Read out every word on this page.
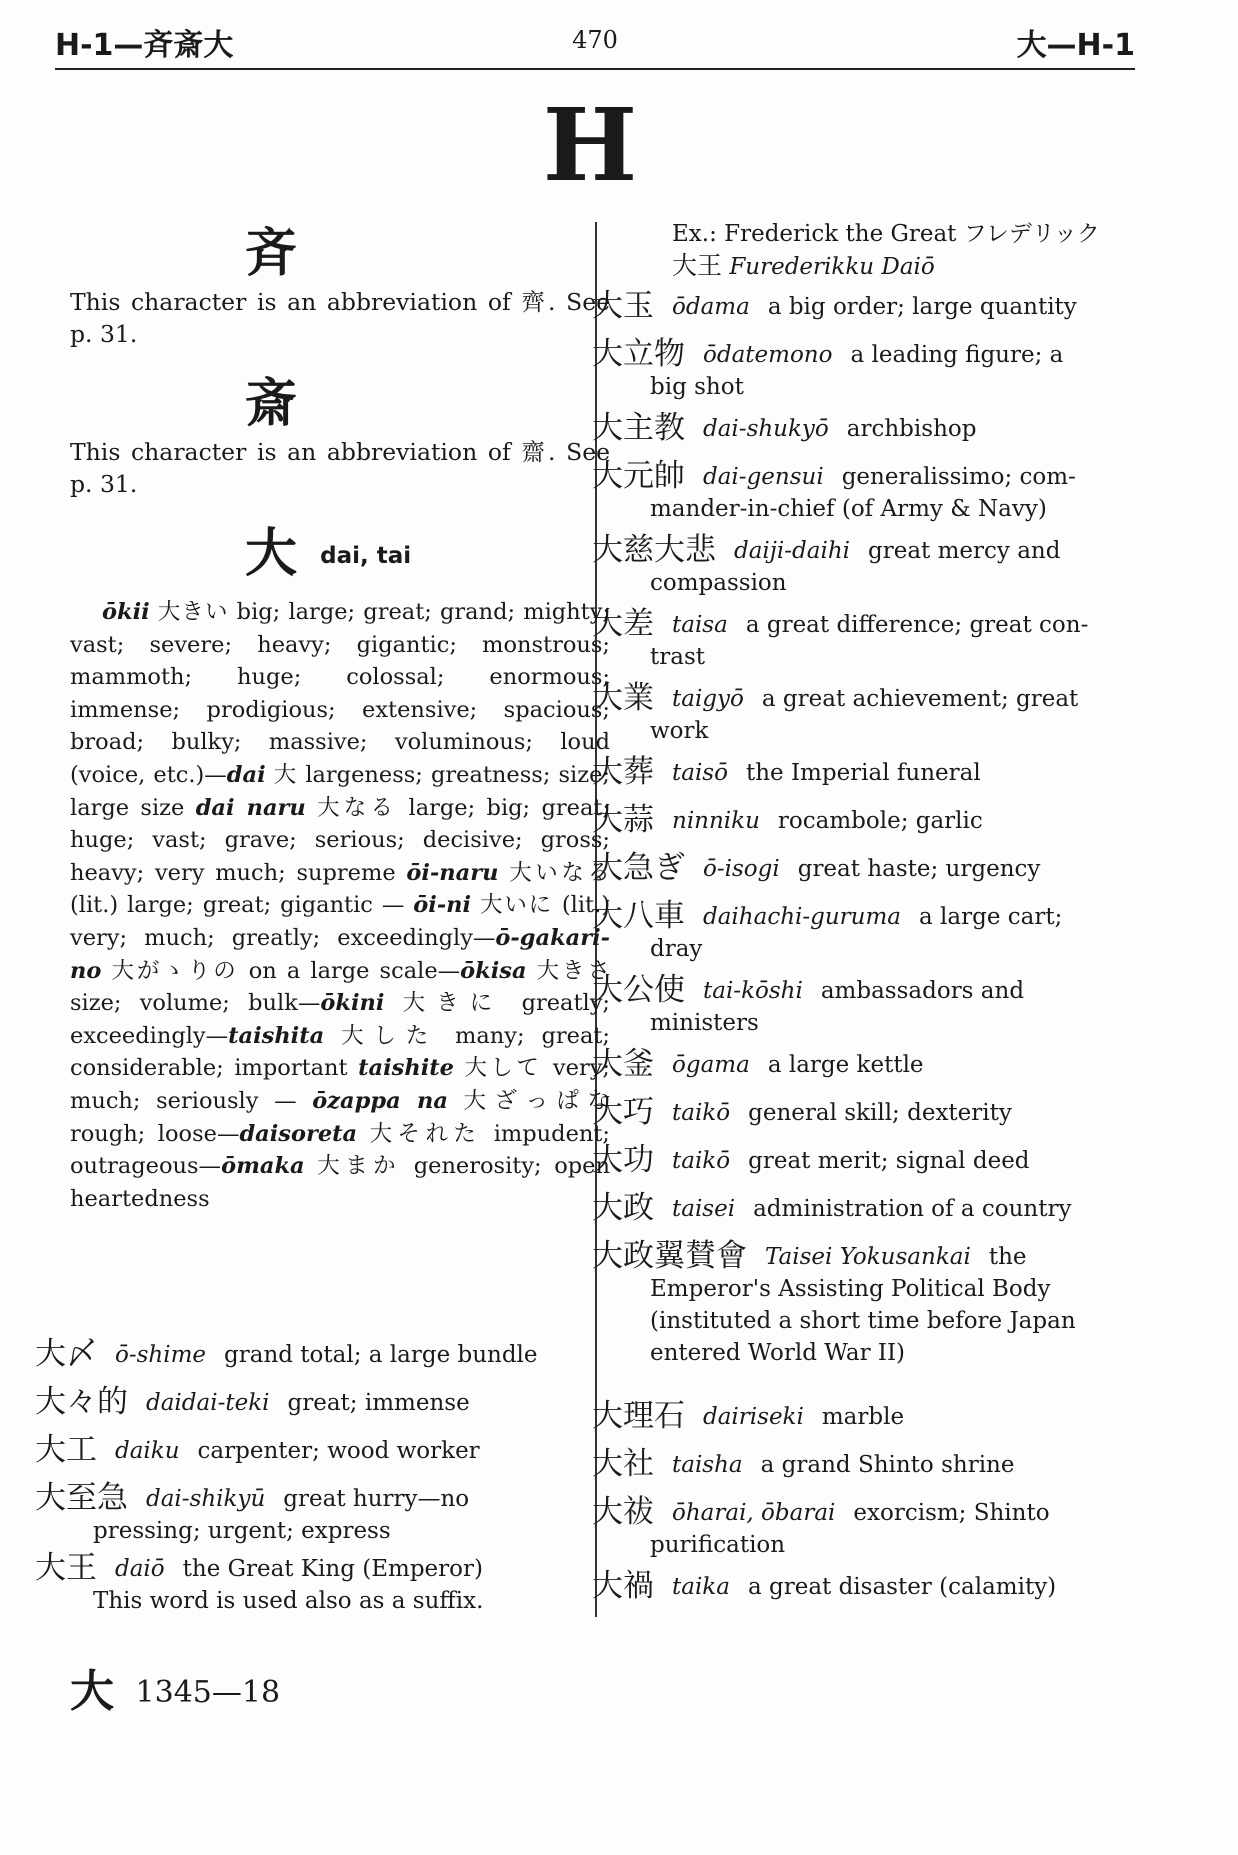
H-1—斉斎大	470	大—H-1
H
斉
This character is an abbreviation of 齊. See p. 31.
斎
This character is an abbreviation of 齋. See p. 31.
大 dai, tai
ōkii 大きい big; large; great; grand; mighty; vast; severe; heavy; gigantic; monstrous; mammoth; huge; colossal; enormous; immense; prodigious; extensive; spacious; broad; bulky; massive; voluminous; loud (voice, etc.)—dai 大 largeness; greatness; size; large size dai naru 大なる large; big; great; huge; vast; grave; serious; decisive; gross; heavy; very much; supreme ōi-naru 大いなる (lit.) large; great; gigantic — ōi-ni 大いに (lit.) very; much; greatly; exceedingly—ō-gakari-no 大がゝりの on a large scale—ōkisa 大きさ size; volume; bulk—ōkini 大きに greatly; exceedingly—taishita 大した many; great; considerable; important taishite 大して very; much; seriously — ōzappa na 大ざっぱな rough; loose—daisoreta 大それた impudent; outrageous—ōmaka 大まか generosity; open heartedness
大〆 ō-shime grand total; a large bundle
大々的 daidai-teki great; immense
大工 daiku carpenter; wood worker
大至急 dai-shikyū great hurry—no
pressing; urgent; express
大王 daiō the Great King (Emperor)
This word is used also as a suffix.
Ex.: Frederick the Great フレデリック
大王 Furederikku Daiō
大玉 ōdama a big order; large quantity
大立物 ōdatemono a leading figure; a
big shot
大主教 dai-shukyō archbishop
大元帥 dai-gensui generalissimo; com-
mander-in-chief (of Army & Navy)
大慈大悲 daiji-daihi great mercy and
compassion
大差 taisa a great difference; great con-
trast
大業 taigyō a great achievement; great
work
大葬 taisō the Imperial funeral
大蒜 ninniku rocambole; garlic
大急ぎ ō-isogi great haste; urgency
大八車 daihachi-guruma a large cart;
dray
大公使 tai-kōshi ambassadors and
ministers
大釜 ōgama a large kettle
大巧 taikō general skill; dexterity
大功 taikō great merit; signal deed
大政 taisei administration of a country
大政翼賛會 Taisei Yokusankai the
Emperor's Assisting Political Body (instituted a short time before Japan entered World War II)
大理石 dairiseki marble
大社 taisha a grand Shinto shrine
大祓 ōharai, ōbarai exorcism; Shinto
purification
大禍 taika a great disaster (calamity)
大 1345—18
